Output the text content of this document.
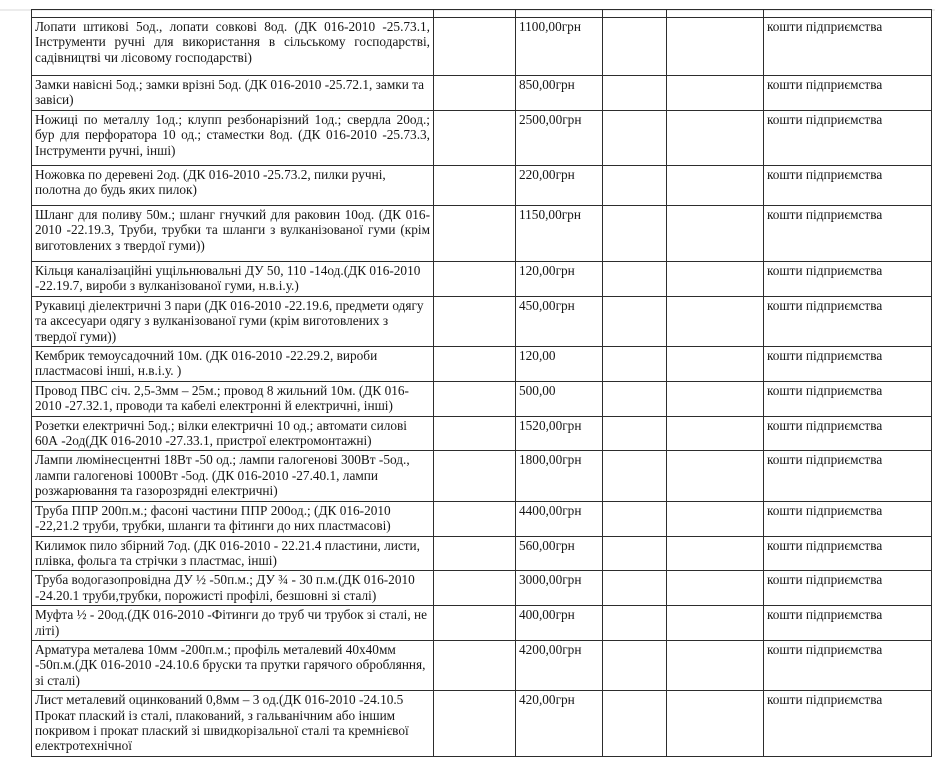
Лопати штикові 5од., лопати совкові 8од. (ДК 016-2010 -25.73.1, Інструменти ручні для використання в сільському господарстві, садівництві чи лісовому господарстві)		1100,00грн			кошти підприємства
Замки навісні 5од.; замки врізні 5од. (ДК 016-2010 -25.72.1, замки та завіси)		850,00грн			кошти підприємства
Ножиці по металлу 1од.; клупп резбонарізний 1од.; свердла 20од.; бур для перфоратора 10 од.; стаместки 8од. (ДК 016-2010 -25.73.3, Інструменти ручні, інші)		2500,00грн			кошти підприємства
Ножовка по деревені 2од. (ДК 016-2010 -25.73.2, пилки ручні, полотна до будь яких пилок)		220,00грн			кошти підприємства
Шланг для поливу 50м.; шланг гнучкий для раковин 10од. (ДК 016-2010 -22.19.3, Труби, трубки та шланги з вулканізованої гуми (крім виготовлених з твердої гуми))		1150,00грн			кошти підприємства
Кільця каналізаційні ущільнювальні ДУ 50, 110 -14од.(ДК 016-2010 -22.19.7, вироби з вулканізованої гуми, н.в.і.у.)		120,00грн			кошти підприємства
Рукавиці діелектричні 3 пари (ДК 016-2010 -22.19.6, предмети одягу та аксесуари одягу з вулканізованої гуми (крім виготовлених з твердої гуми))		450,00грн			кошти підприємства
Кембрик темоусадочний 10м. (ДК 016-2010 -22.29.2, вироби пластмасові інші, н.в.і.у. )		120,00			кошти підприємства
Провод ПВС січ. 2,5-3мм – 25м.; провод 8 жильний 10м. (ДК 016-2010 -27.32.1, проводи та кабелі електронні й електричні, інші)		500,00			кошти підприємства
Розетки електричні 5од.; вілки електричні 10 од.; автомати силові 60А -2од(ДК 016-2010 -27.33.1, пристрої електромонтажні)		1520,00грн			кошти підприємства
Лампи люмінесцентні 18Вт -50 од.; лампи галогенові 300Вт -5од., лампи галогенові 1000Вт -5од. (ДК 016-2010 -27.40.1, лампи розжарювання та газорозрядні електричні)		1800,00грн			кошти підприємства
Труба ППР 200п.м.; фасоні частини ППР 200од.; (ДК 016-2010 -22,21.2 труби, трубки, шланги та фітинги до них пластмасові)		4400,00грн			кошти підприємства
Килимок пило збірний 7од. (ДК 016-2010 - 22.21.4 пластини, листи, плівка, фольга та стрічки з пластмас, інші)		560,00грн			кошти підприємства
Труба водогазопровідна ДУ ½ -50п.м.; ДУ ¾ - 30 п.м.(ДК 016-2010 -24.20.1 труби,трубки, порожисті профілі, безшовні зі сталі)		3000,00грн			кошти підприємства
Муфта ½ - 20од.(ДК 016-2010 -Фітинги до труб чи трубок зі сталі, не літі)		400,00грн			кошти підприємства
Арматура металева 10мм -200п.м.; профіль металевий 40х40мм -50п.м.(ДК 016-2010 -24.10.6 бруски та прутки гарячого обробляння, зі сталі)		4200,00грн			кошти підприємства
Лист металевий оцинкований 0,8мм – 3 од.(ДК 016-2010 -24.10.5 Прокат плаский із сталі, плакований, з гальванічним або іншим покривом і прокат плаский зі швидкорізальної сталі та кремнієвої електротехнічної		420,00грн			кошти підприємства
